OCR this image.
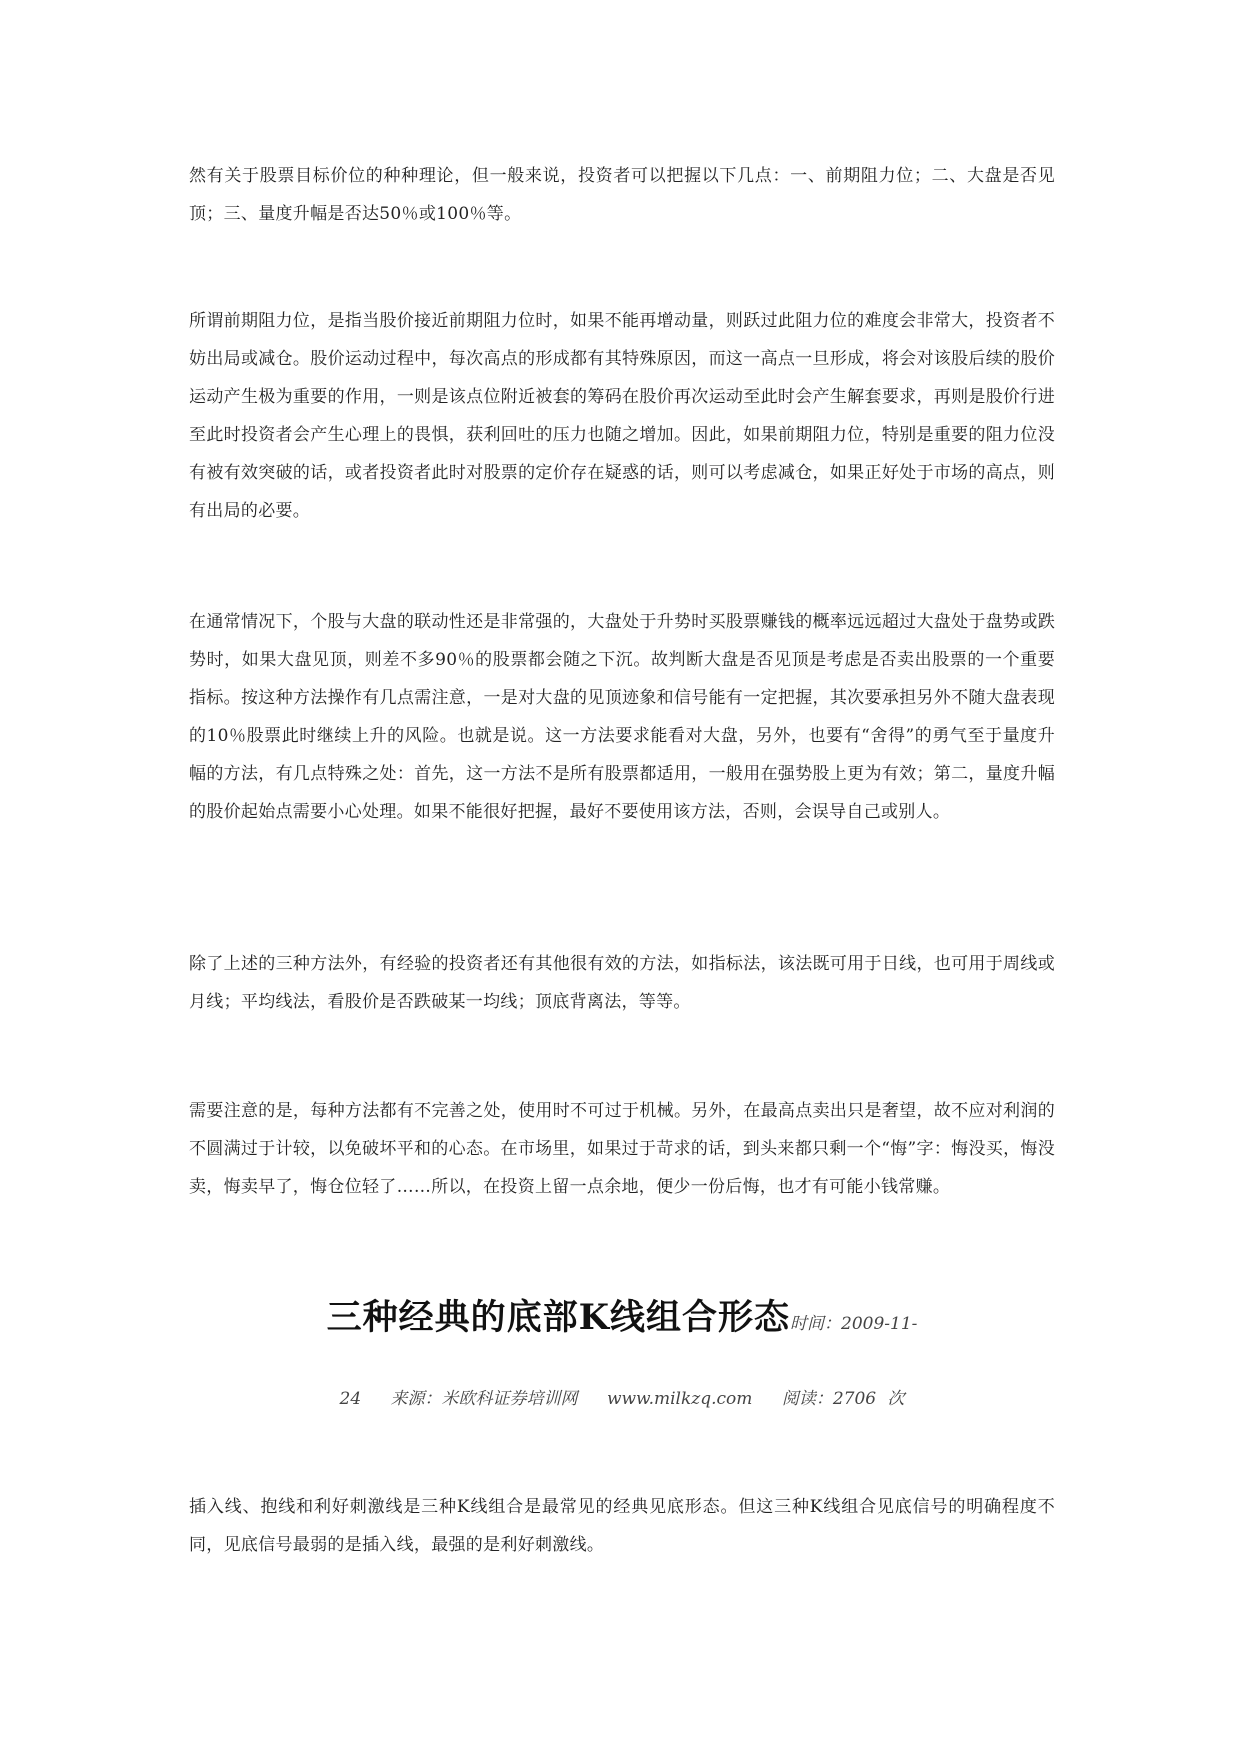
然有关于股票目标价位的种种理论，但一般来说，投资者可以把握以下几点：一、前期阻力位；二、大盘是否见顶；三、量度升幅是否达50％或100％等。

所谓前期阻力位，是指当股价接近前期阻力位时，如果不能再增动量，则跃过此阻力位的难度会非常大，投资者不妨出局或减仓。股价运动过程中，每次高点的形成都有其特殊原因，而这一高点一旦形成，将会对该股后续的股价运动产生极为重要的作用，一则是该点位附近被套的筹码在股价再次运动至此时会产生解套要求，再则是股价行进至此时投资者会产生心理上的畏惧，获利回吐的压力也随之增加。因此，如果前期阻力位，特别是重要的阻力位没有被有效突破的话，或者投资者此时对股票的定价存在疑惑的话，则可以考虑减仓，如果正好处于市场的高点，则有出局的必要。

在通常情况下，个股与大盘的联动性还是非常强的，大盘处于升势时买股票赚钱的概率远远超过大盘处于盘势或跌势时，如果大盘见顶，则差不多90％的股票都会随之下沉。故判断大盘是否见顶是考虑是否卖出股票的一个重要指标。按这种方法操作有几点需注意，一是对大盘的见顶迹象和信号能有一定把握，其次要承担另外不随大盘表现的10％股票此时继续上升的风险。也就是说。这一方法要求能看对大盘，另外，也要有“舍得”的勇气至于量度升幅的方法，有几点特殊之处：首先，这一方法不是所有股票都适用，一般用在强势股上更为有效；第二，量度升幅的股价起始点需要小心处理。如果不能很好把握，最好不要使用该方法，否则，会误导自己或别人。

除了上述的三种方法外，有经验的投资者还有其他很有效的方法，如指标法，该法既可用于日线，也可用于周线或月线；平均线法，看股价是否跌破某一均线；顶底背离法，等等。

需要注意的是，每种方法都有不完善之处，使用时不可过于机械。另外，在最高点卖出只是奢望，故不应对利润的不圆满过于计较，以免破坏平和的心态。在市场里，如果过于苛求的话，到头来都只剩一个“悔”字：悔没买，悔没卖，悔卖早了，悔仓位轻了……所以，在投资上留一点余地，便少一份后悔，也才有可能小钱常赚。

三种经典的底部K线组合形态时间：2009-11-
24 来源：米欧科证券培训网 www.milkzq.com 阅读：2706 次

插入线、抱线和利好刺激线是三种K线组合是最常见的经典见底形态。但这三种K线组合见底信号的明确程度不同，见底信号最弱的是插入线，最强的是利好刺激线。
